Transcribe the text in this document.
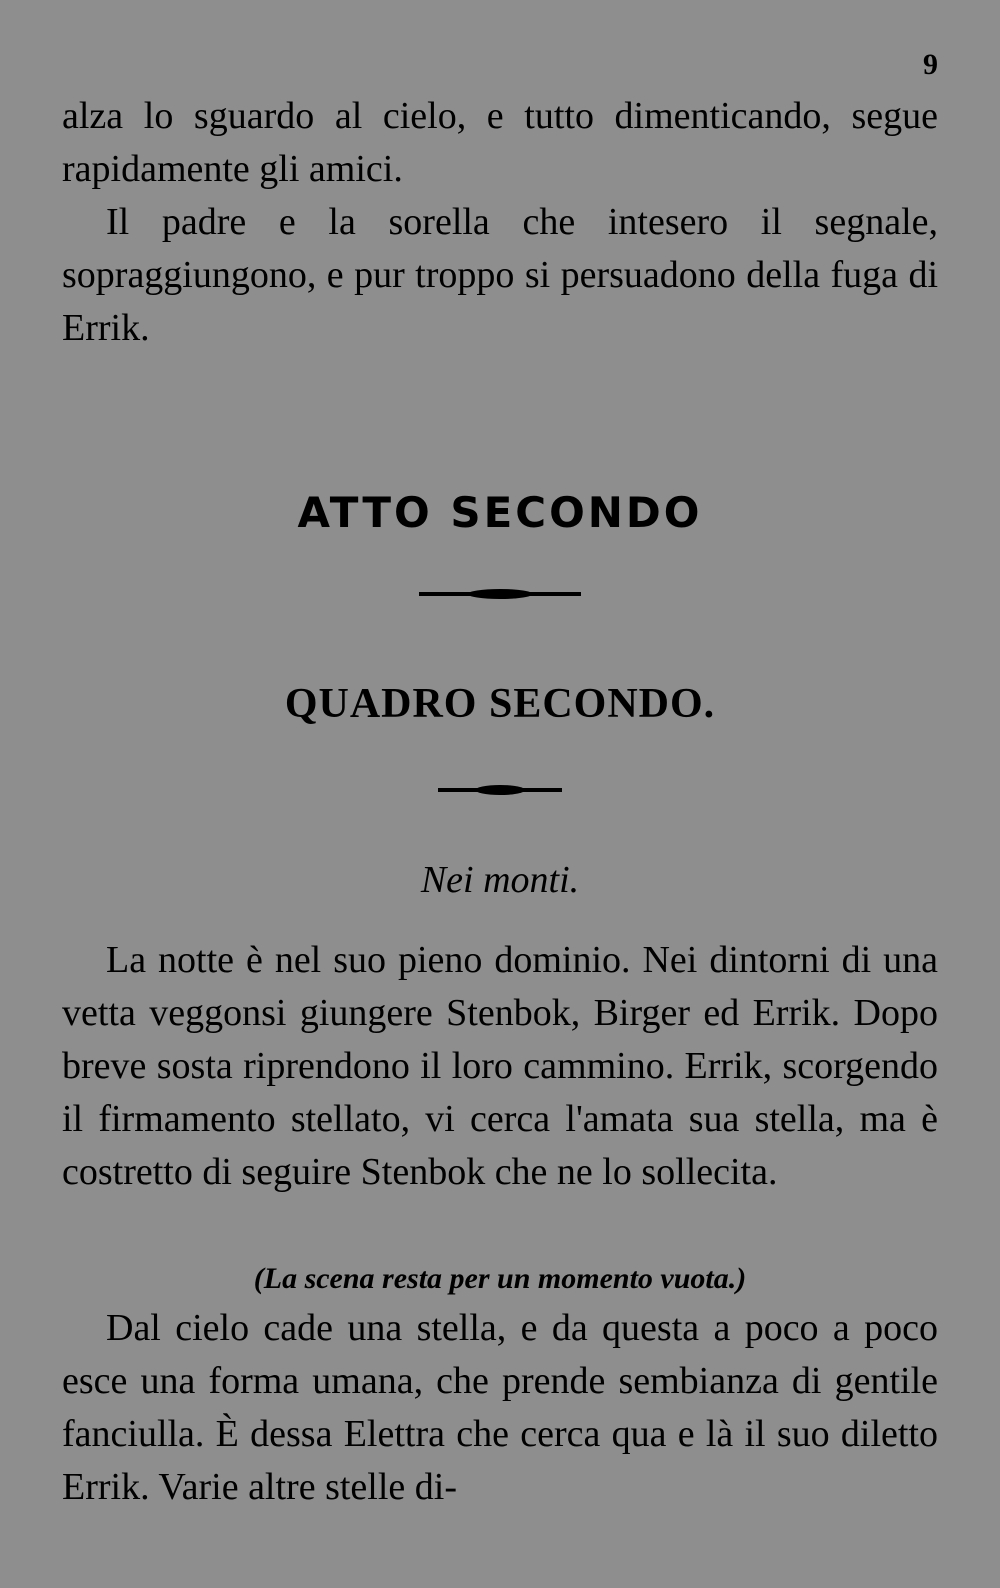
9

alza lo sguardo al cielo, e tutto dimenticando, segue rapidamente gli amici.

Il padre e la sorella che intesero il segnale, sopraggiungono, e pur troppo si persuadono della fuga di Errik.

ATTO SECONDO
QUADRO SECONDO.

Nei monti.

La notte è nel suo pieno dominio. Nei dintorni di una vetta veggonsi giungere Stenbok, Birger ed Errik. Dopo breve sosta riprendono il loro cammino. Errik, scorgendo il firmamento stellato, vi cerca l'amata sua stella, ma è costretto di seguire Stenbok che ne lo sollecita.

(La scena resta per un momento vuota.)

Dal cielo cade una stella, e da questa a poco a poco esce una forma umana, che prende sembianza di gentile fanciulla. È dessa Elettra che cerca qua e là il suo diletto Errik. Varie altre stelle di-
